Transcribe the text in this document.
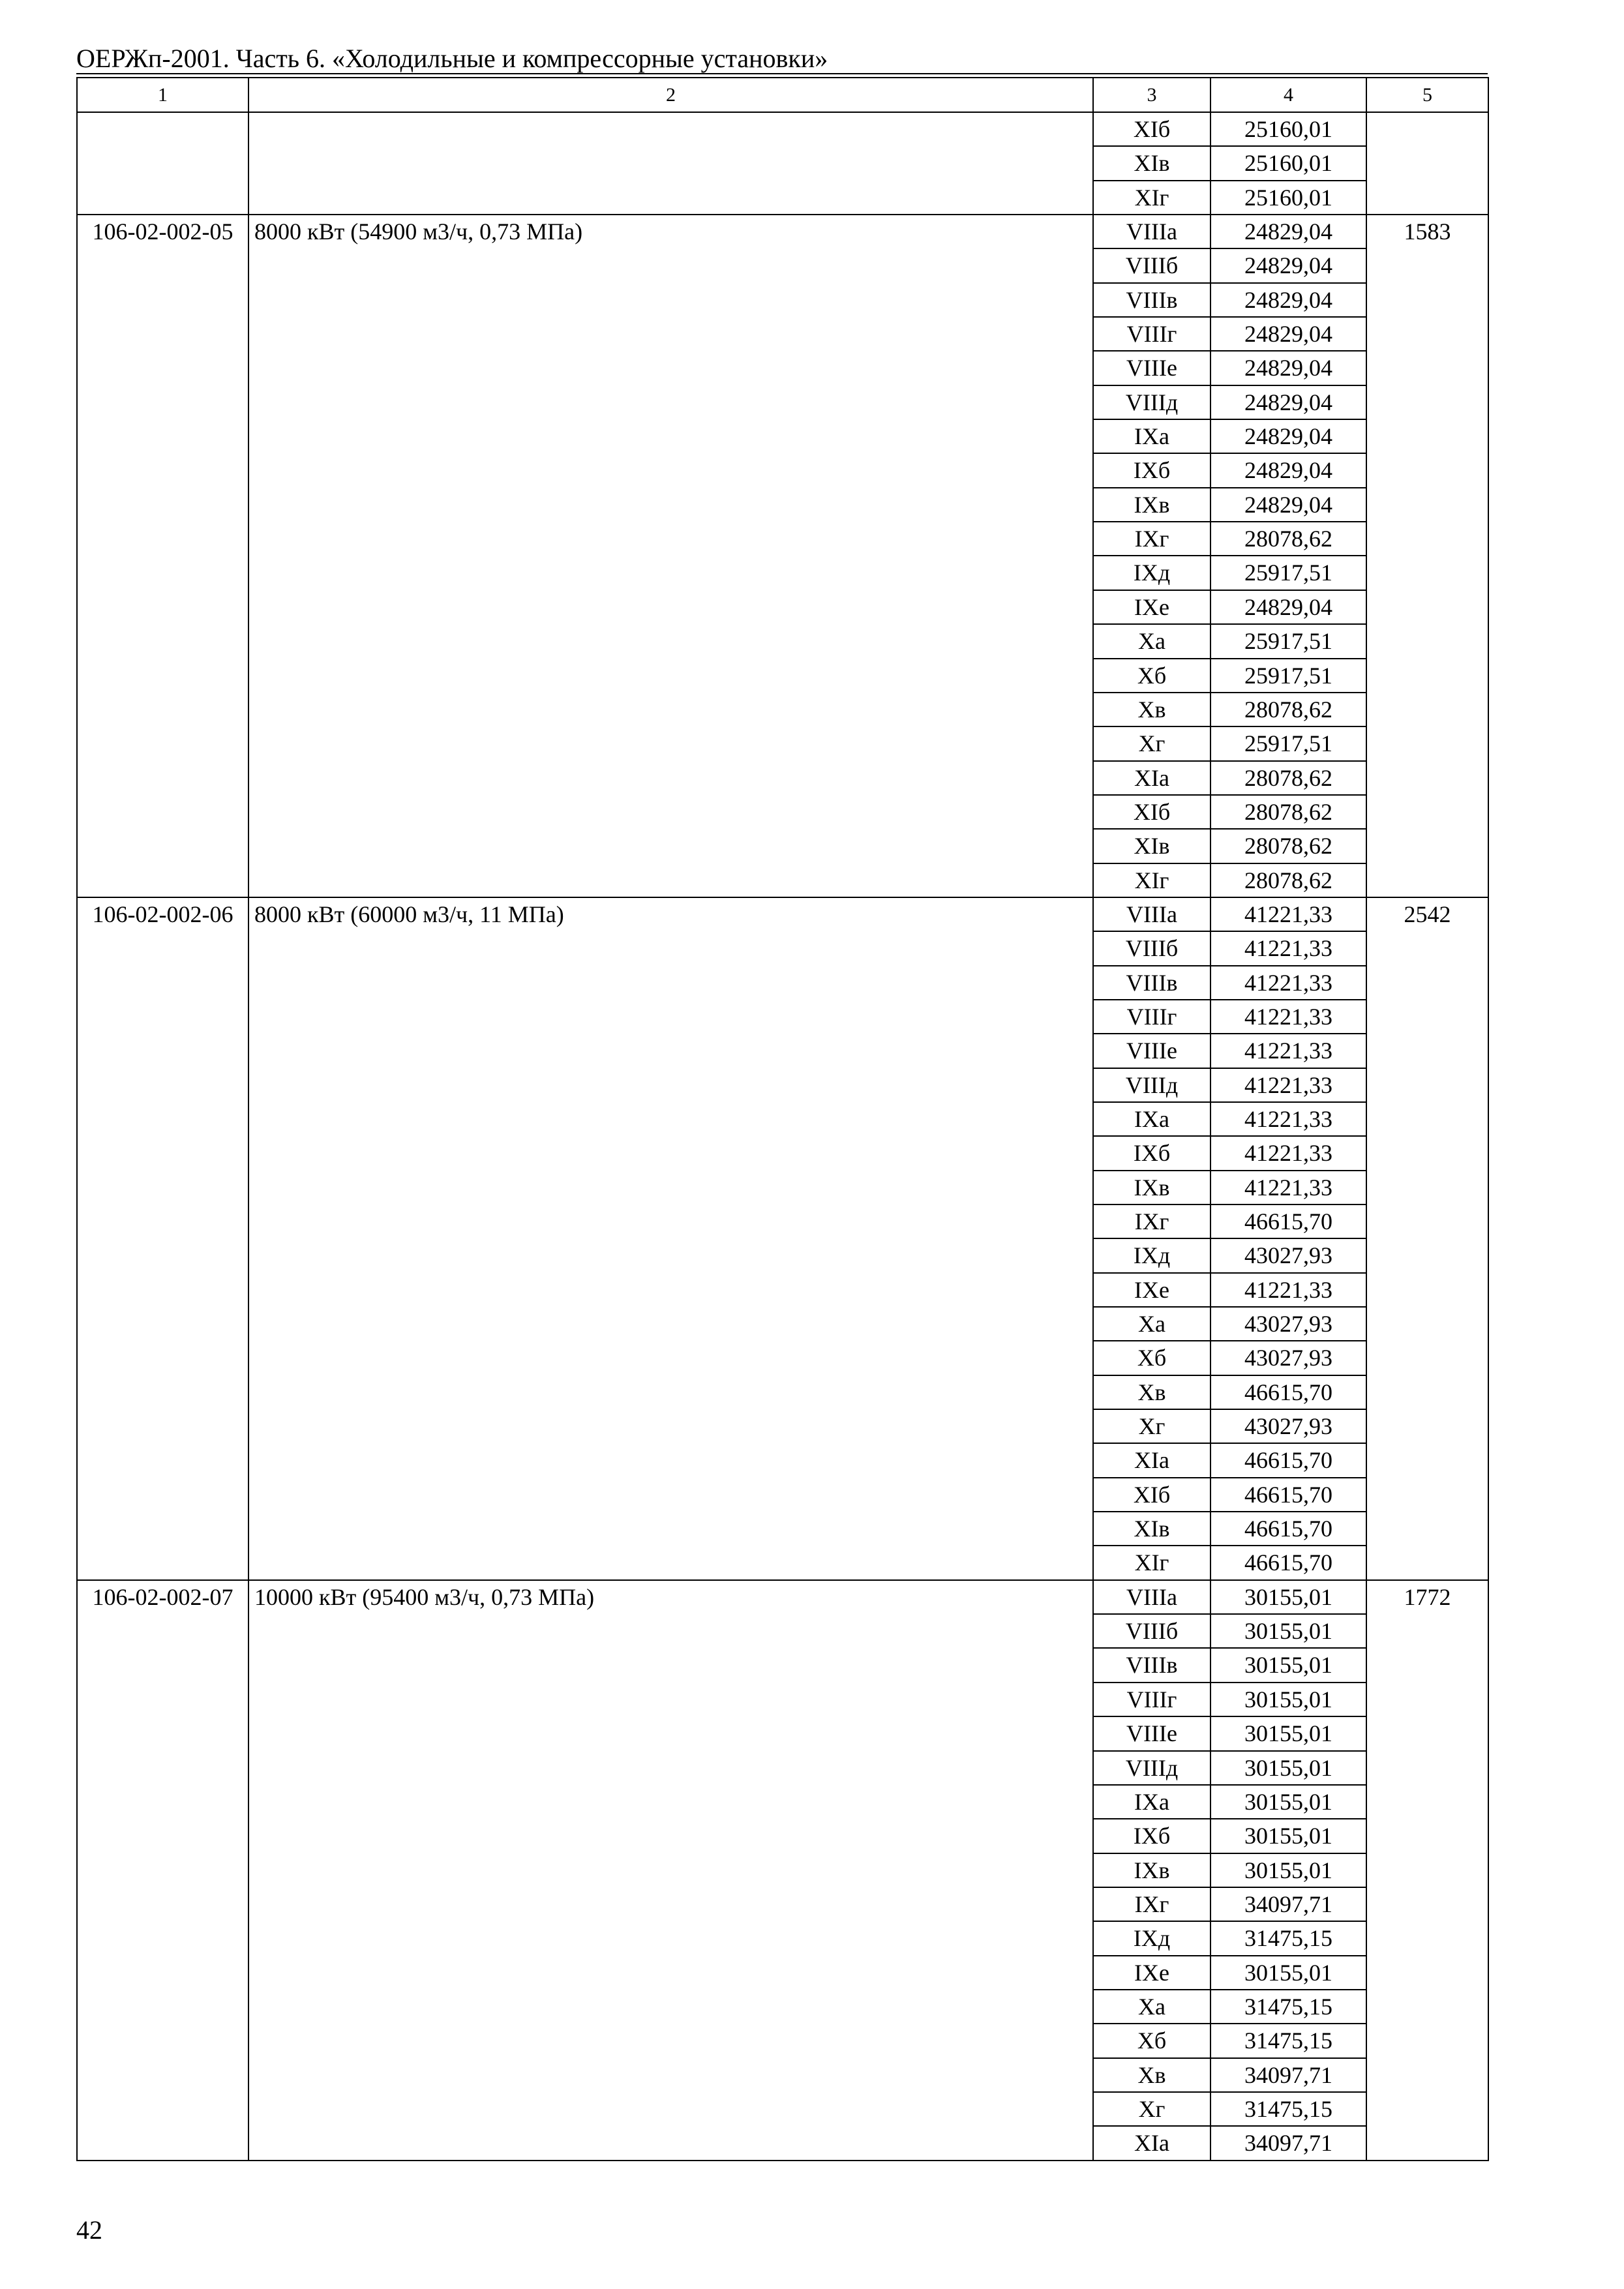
ОЕРЖп-2001. Часть 6. «Холодильные и компрессорные установки»
1	2	3	4	5
		XIб	25160,01	
		XIв	25160,01	
		XIг	25160,01	
106-02-002-05	8000 кВт (54900 м3/ч, 0,73 МПа)	VIIIа	24829,04	1583
		VIIIб	24829,04	
		VIIIв	24829,04	
		VIIIг	24829,04	
		VIIIе	24829,04	
		VIIIд	24829,04	
		IXа	24829,04	
		IXб	24829,04	
		IXв	24829,04	
		IXг	28078,62	
		IXд	25917,51	
		IXе	24829,04	
		Xа	25917,51	
		Xб	25917,51	
		Xв	28078,62	
		Xг	25917,51	
		XIа	28078,62	
		XIб	28078,62	
		XIв	28078,62	
		XIг	28078,62	
106-02-002-06	8000 кВт (60000 м3/ч, 11 МПа)	VIIIа	41221,33	2542
		VIIIб	41221,33	
		VIIIв	41221,33	
		VIIIг	41221,33	
		VIIIе	41221,33	
		VIIIд	41221,33	
		IXа	41221,33	
		IXб	41221,33	
		IXв	41221,33	
		IXг	46615,70	
		IXд	43027,93	
		IXе	41221,33	
		Xа	43027,93	
		Xб	43027,93	
		Xв	46615,70	
		Xг	43027,93	
		XIа	46615,70	
		XIб	46615,70	
		XIв	46615,70	
		XIг	46615,70	
106-02-002-07	10000 кВт (95400 м3/ч, 0,73 МПа)	VIIIа	30155,01	1772
		VIIIб	30155,01	
		VIIIв	30155,01	
		VIIIг	30155,01	
		VIIIе	30155,01	
		VIIIд	30155,01	
		IXа	30155,01	
		IXб	30155,01	
		IXв	30155,01	
		IXг	34097,71	
		IXд	31475,15	
		IXе	30155,01	
		Xа	31475,15	
		Xб	31475,15	
		Xв	34097,71	
		Xг	31475,15	
		XIа	34097,71	
42
